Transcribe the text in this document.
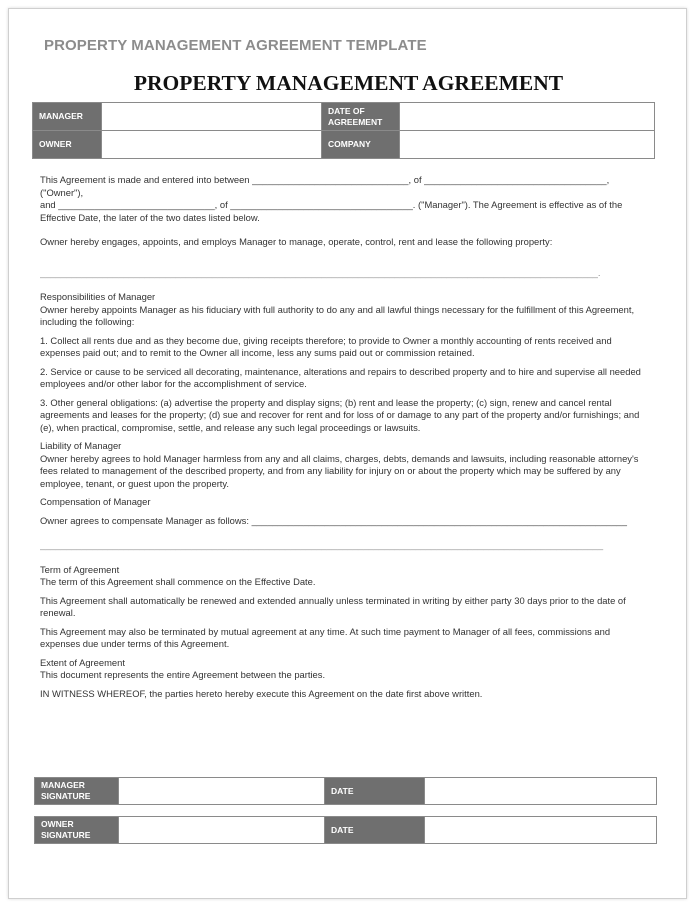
PROPERTY MANAGEMENT AGREEMENT TEMPLATE
PROPERTY MANAGEMENT AGREEMENT
MANAGER		DATE OF AGREEMENT	
OWNER		COMPANY	

This Agreement is made and entered into between ______________________________, of ___________________________________, ("Owner"),

and ______________________________, of ___________________________________. ("Manager"). The Agreement is effective as of the

Effective Date, the later of the two dates listed below.

Owner hereby engages, appoints, and employs Manager to manage, operate, control, rent and lease the following property:

___________________________________________________________________________________________________________.

Responsibilities of Manager

Owner hereby appoints Manager as his fiduciary with full authority to do any and all lawful things necessary for the fulfillment of this Agreement, including the following:

1. Collect all rents due and as they become due, giving receipts therefore; to provide to Owner a monthly accounting of rents received and expenses paid out; and to remit to the Owner all income, less any sums paid out or commission retained.

2. Service or cause to be serviced all decorating, maintenance, alterations and repairs to described property and to hire and supervise all needed employees and/or other labor for the accomplishment of service.

3. Other general obligations: (a) advertise the property and display signs; (b) rent and lease the property; (c) sign, renew and cancel rental agreements and leases for the property; (d) sue and recover for rent and for loss of or damage to any part of the property and/or furnishings; and (e), when practical, compromise, settle, and release any such legal proceedings or lawsuits.

Liability of Manager

Owner hereby agrees to hold Manager harmless from any and all claims, charges, debts, demands and lawsuits, including reasonable attorney's fees related to management of the described property, and from any liability for injury on or about the property which may be suffered by any employee, tenant, or guest upon the property.

Compensation of Manager

Owner agrees to compensate Manager as follows: ________________________________________________________________________

____________________________________________________________________________________________________________

Term of Agreement

The term of this Agreement shall commence on the Effective Date.

This Agreement shall automatically be renewed and extended annually unless terminated in writing by either party 30 days prior to the date of renewal.

This Agreement may also be terminated by mutual agreement at any time. At such time payment to Manager of all fees, commissions and expenses due under terms of this Agreement.

Extent of Agreement

This document represents the entire Agreement between the parties.

IN WITNESS WHEREOF, the parties hereto hereby execute this Agreement on the date first above written.

MANAGER SIGNATURE		DATE	
OWNER SIGNATURE		DATE	
